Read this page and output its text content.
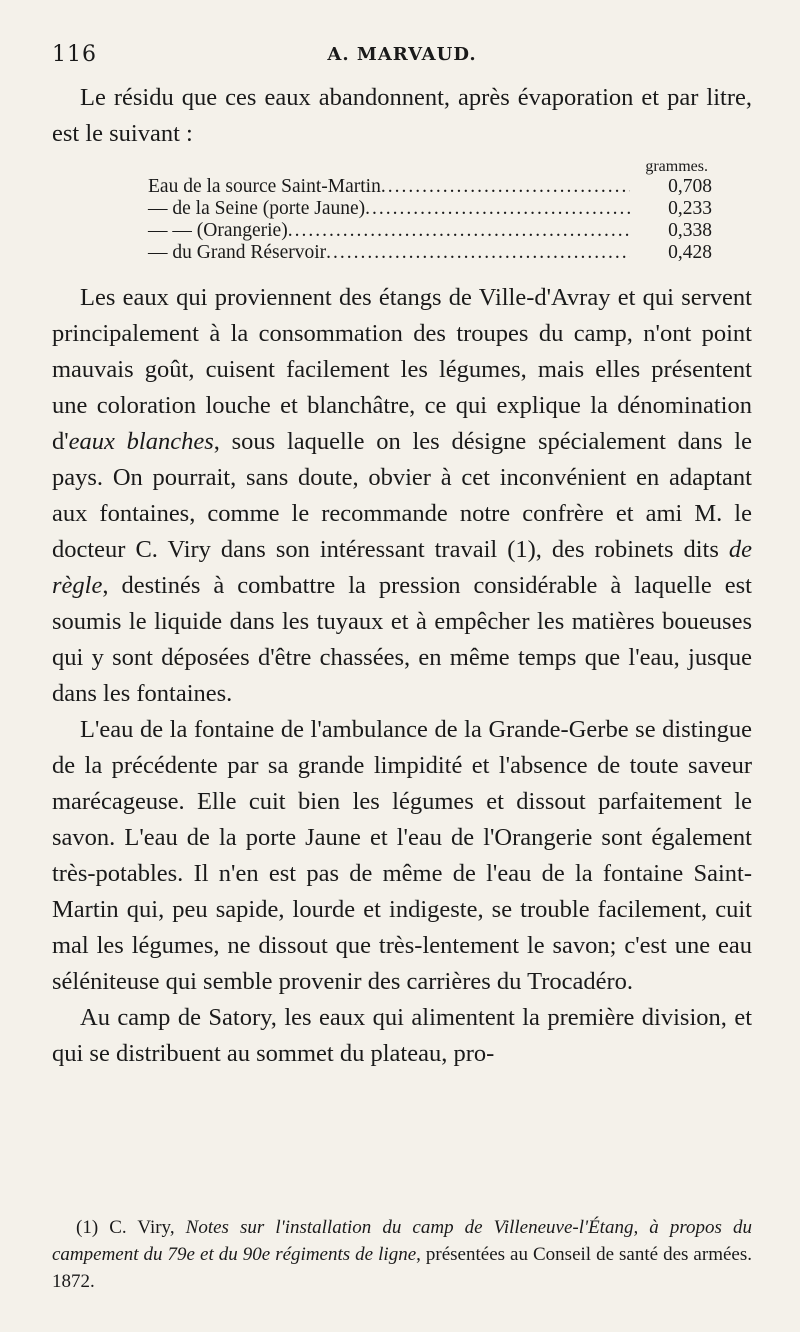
116	A. MARVAUD.

Le résidu que ces eaux abandonnent, après évaporation et par litre, est le suivant :

grammes.
Eau de la source Saint-Martin .....	0,708
— de la Seine (porte Jaune) .....	0,233
— — (Orangerie) .....	0,338
— du Grand Réservoir .....	0,428

Les eaux qui proviennent des étangs de Ville-d'Avray et qui servent principalement à la consommation des troupes du camp, n'ont point mauvais goût, cuisent facilement les légumes, mais elles présentent une coloration louche et blanchâtre, ce qui explique la dénomination d'eaux blanches, sous laquelle on les désigne spécialement dans le pays. On pourrait, sans doute, obvier à cet inconvénient en adaptant aux fontaines, comme le recommande notre confrère et ami M. le docteur C. Viry dans son intéressant travail (1), des robinets dits de règle, destinés à combattre la pression considérable à laquelle est soumis le liquide dans les tuyaux et à empêcher les matières boueuses qui y sont déposées d'être chassées, en même temps que l'eau, jusque dans les fontaines.

L'eau de la fontaine de l'ambulance de la Grande-Gerbe se distingue de la précédente par sa grande limpidité et l'absence de toute saveur marécageuse. Elle cuit bien les légumes et dissout parfaitement le savon. L'eau de la porte Jaune et l'eau de l'Orangerie sont également très-potables. Il n'en est pas de même de l'eau de la fontaine Saint-Martin qui, peu sapide, lourde et indigeste, se trouble facilement, cuit mal les légumes, ne dissout que très-lentement le savon; c'est une eau séléniteuse qui semble provenir des carrières du Trocadéro.

Au camp de Satory, les eaux qui alimentent la première division, et qui se distribuent au sommet du plateau, pro-

(1) C. Viry, Notes sur l'installation du camp de Villeneuve-l'Étang, à propos du campement du 79e et du 90e régiments de ligne, présentées au Conseil de santé des armées. 1872.
